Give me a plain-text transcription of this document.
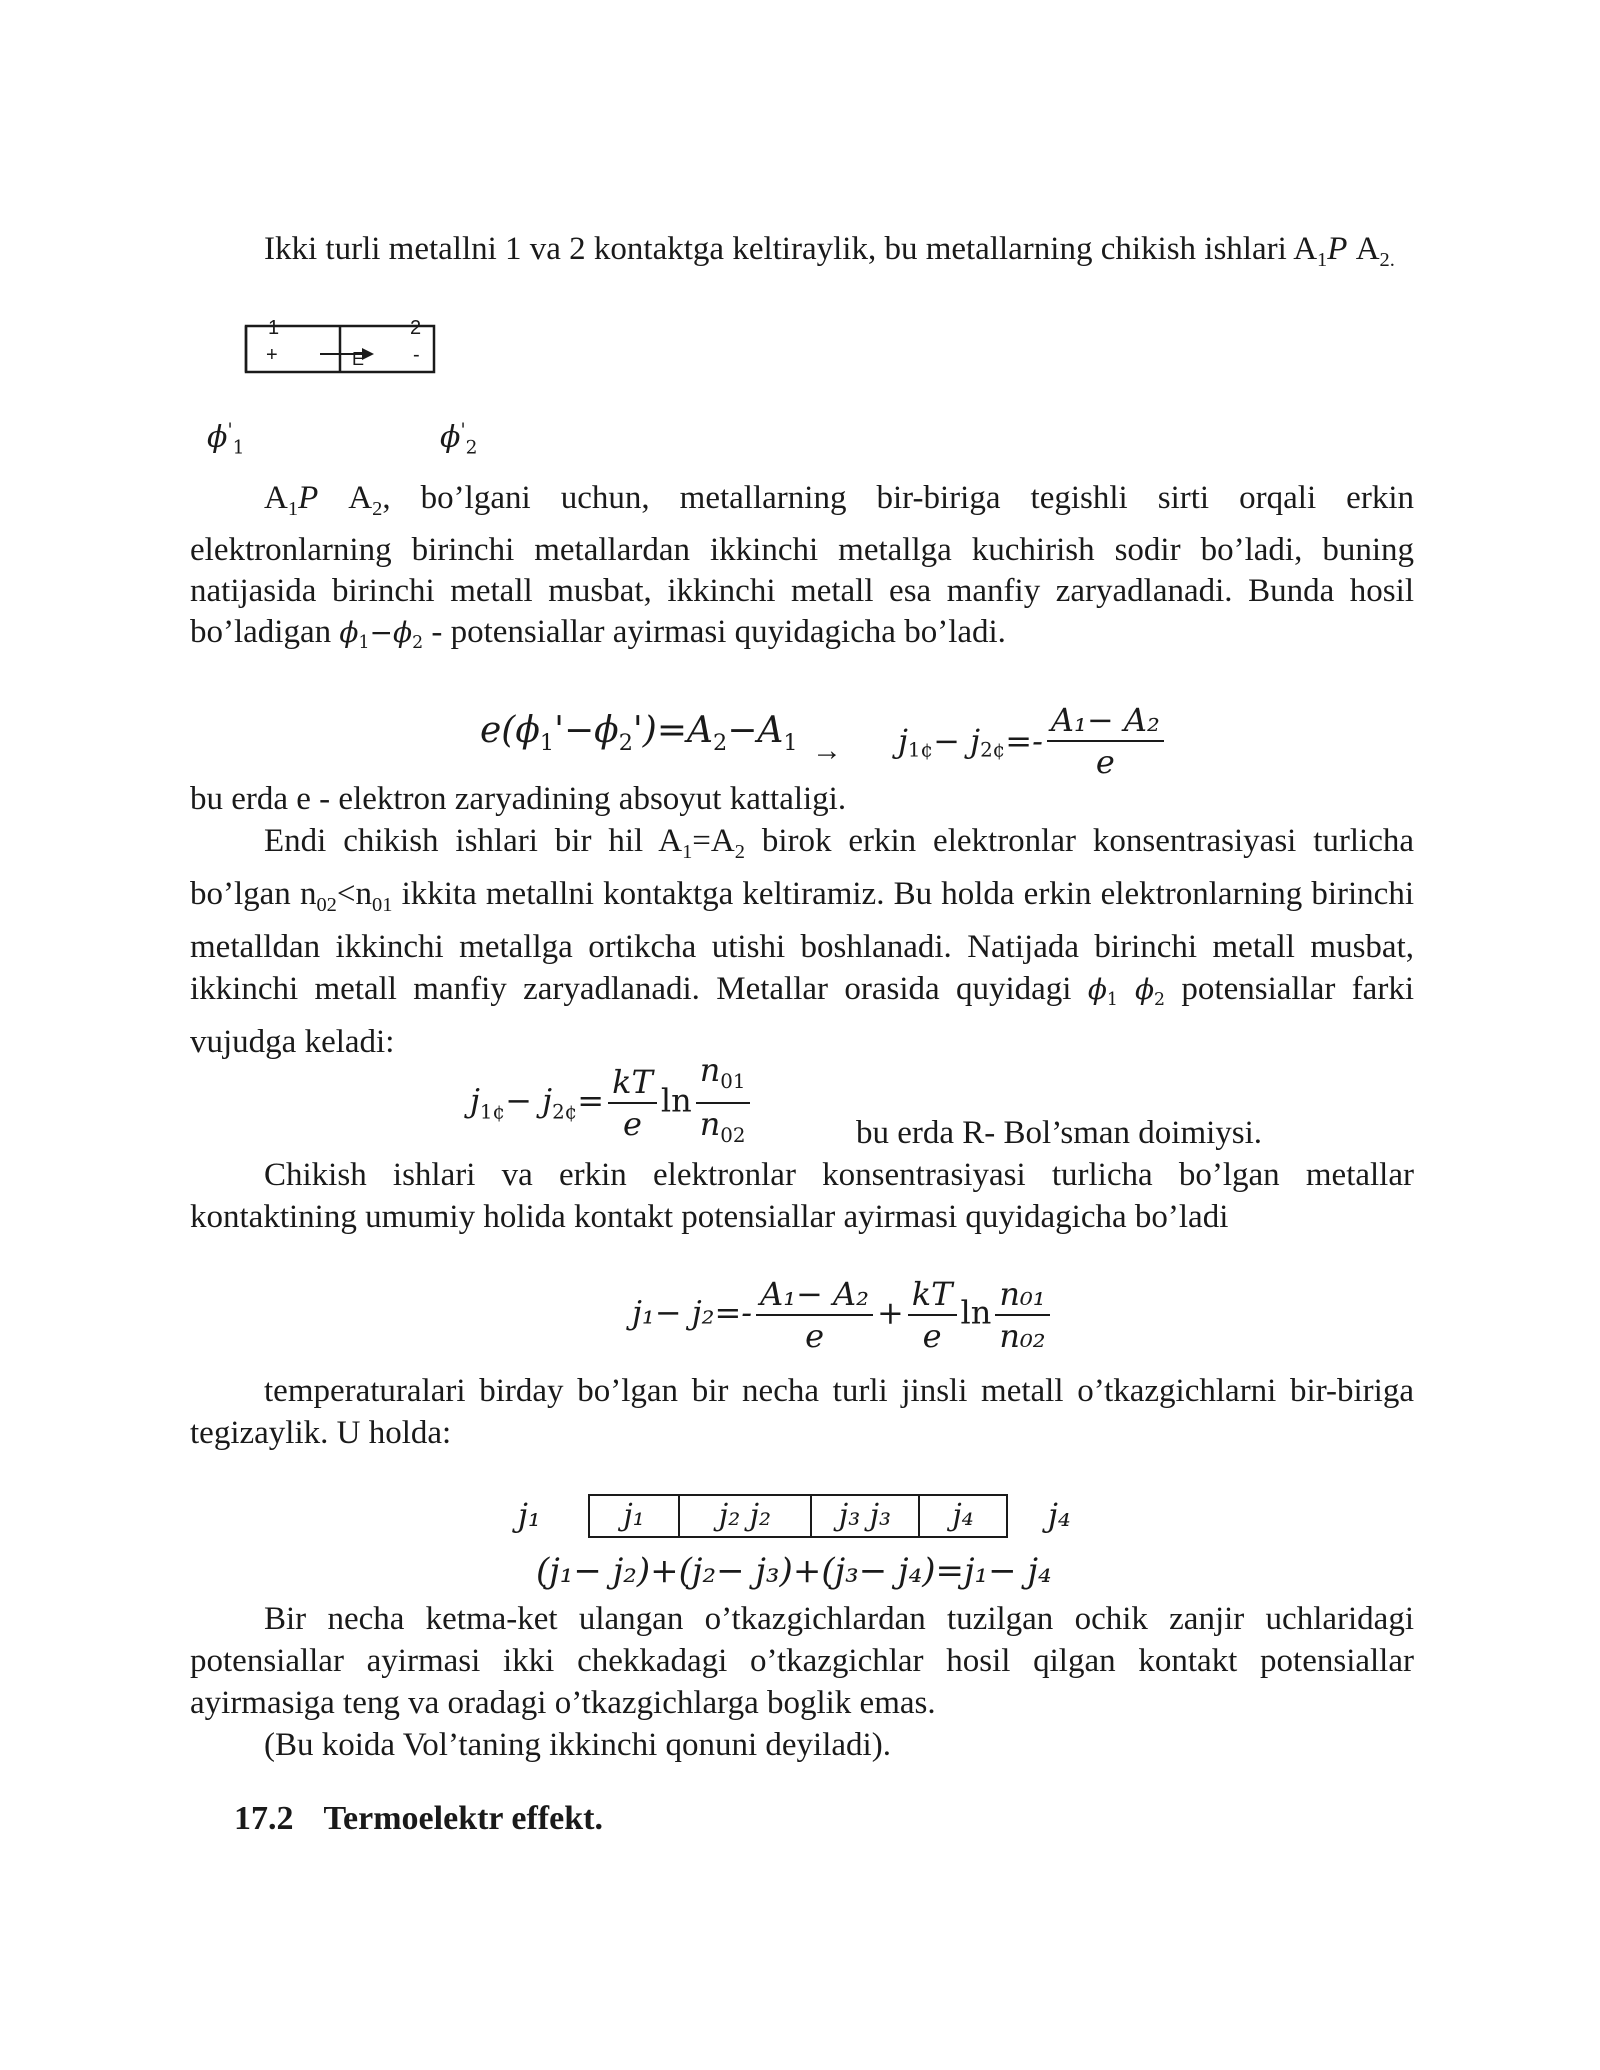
Ikki turli metallni 1 va 2 kontaktga keltiraylik, bu metallarning chikish ishlari $A_1P$ $A_{2.}$
1	2
+	-
E
$\phi'_1$	$\phi'_2$
$A_1P$ $A_2$, bo’lgani uchun, metallarning bir-biriga tegishli sirti orqali erkin elektronlarning birinchi metallardan ikkinchi metallga kuchirish sodir bo’ladi, buning natijasida birinchi metall musbat, ikkinchi metall esa manfiy zaryadlanadi. Bunda hosil bo’ladigan $\phi_1-\phi_2$ - potensiallar ayirmasi quyidagicha bo’ladi.
$e(\phi_1'-\phi_2')=A_2-A_1 \to j_{1¢}- j_{2¢}=- \frac{\text{A₁− A₂}}{e}$
bu erda e - elektron zaryadining absoyut kattaligi.
Endi chikish ishlari bir hil $A_1=A_2$ birok erkin elektronlar konsentrasiyasi turlicha bo’lgan $n_{02}<n_{01}$ ikkita metallni kontaktga keltiramiz. Bu holda erkin elektronlarning birinchi metalldan ikkinchi metallga ortikcha utishi boshlanadi. Natijada birinchi metall musbat, ikkinchi metall manfiy zaryadlanadi. Metallar orasida quyidagi $\phi_1$ $\phi_2$ potensiallar farki vujudga keladi:
$j_{1¢}- j_{2¢}= \frac{kT}{e}$ $\ln \frac{n_{01}}{n_{02}}$	bu erda R- Bol’sman doimiysi.
Chikish ishlari va erkin elektronlar konsentrasiyasi turlicha bo’lgan metallar kontaktining umumiy holida kontakt potensiallar ayirmasi quyidagicha bo’ladi
$j_1- j_2=- \frac{\text{A₁− A₂}}{e} + \frac{kT}{e}$ $\ln \frac{\text{n₀₁}}{\text{n₀₂}}$
temperaturalari birday bo’lgan bir necha turli jinsli metall o’tkazgichlarni bir-biriga tegizaylik. U holda:
j₁	j₁	j₂ j₂	j₃ j₃	j₄	j₄
(j₁− j₂)+(j₂− j₃)+(j₃− j₄)=j₁− j₄
Bir necha ketma-ket ulangan o’tkazgichlardan tuzilgan ochik zanjir uchlaridagi potensiallar ayirmasi ikki chekkadagi o’tkazgichlar hosil qilgan kontakt potensiallar ayirmasiga teng va oradagi o’tkazgichlarga boglik emas.
(Bu koida Vol’taning ikkinchi qonuni deyiladi).
17.2 Termoelektr effekt.
